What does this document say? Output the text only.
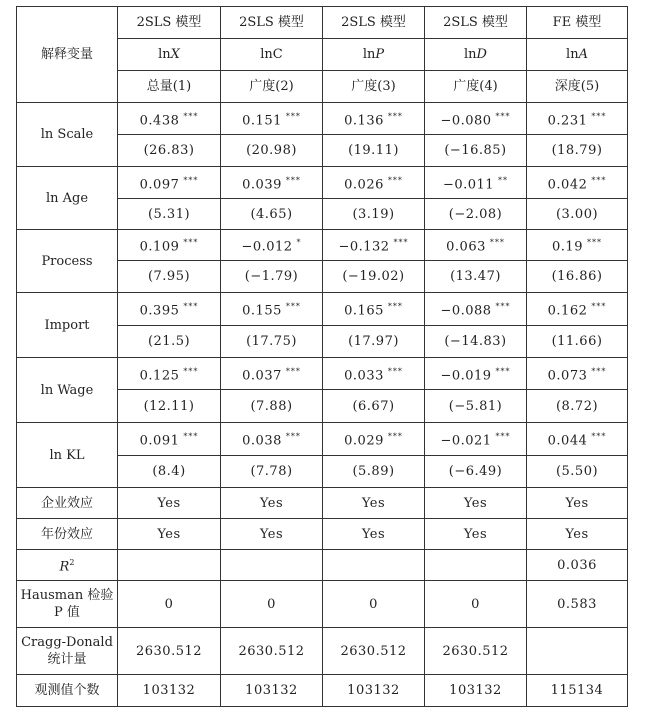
解释变量	2SLS 模型	2SLS 模型	2SLS 模型	2SLS 模型	FE 模型
	lnX	lnC	lnP	lnD	lnA
	总量(1)	广度(2)	广度(3)	广度(4)	深度(5)
ln Scale	0.438 ***	0.151 ***	0.136 ***	−0.080 ***	0.231 ***
	(26.83)	(20.98)	(19.11)	(−16.85)	(18.79)
ln Age	0.097 ***	0.039 ***	0.026 ***	−0.011 **	0.042 ***
	(5.31)	(4.65)	(3.19)	(−2.08)	(3.00)
Process	0.109 ***	−0.012 *	−0.132 ***	0.063 ***	0.19 ***
	(7.95)	(−1.79)	(−19.02)	(13.47)	(16.86)
Import	0.395 ***	0.155 ***	0.165 ***	−0.088 ***	0.162 ***
	(21.5)	(17.75)	(17.97)	(−14.83)	(11.66)
ln Wage	0.125 ***	0.037 ***	0.033 ***	−0.019 ***	0.073 ***
	(12.11)	(7.88)	(6.67)	(−5.81)	(8.72)
ln KL	0.091 ***	0.038 ***	0.029 ***	−0.021 ***	0.044 ***
	(8.4)	(7.78)	(5.89)	(−6.49)	(5.50)
企业效应	Yes	Yes	Yes	Yes	Yes
年份效应	Yes	Yes	Yes	Yes	Yes
$R^2$					0.036
Hausman 检验 P 值	0	0	0	0	0.583
Cragg-Donald 统计量	2630.512	2630.512	2630.512	2630.512	
观测值个数	103132	103132	103132	103132	115134
